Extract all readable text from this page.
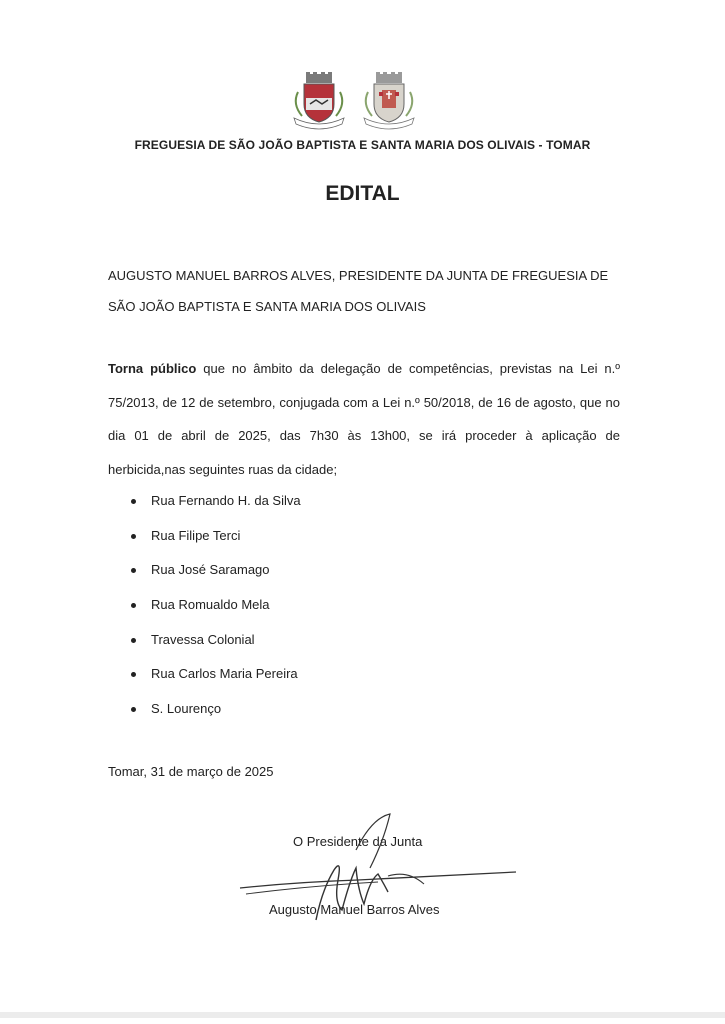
FREGUESIA DE SÃO JOÃO BAPTISTA E SANTA MARIA DOS OLIVAIS - TOMAR
EDITAL
AUGUSTO MANUEL BARROS ALVES, PRESIDENTE DA JUNTA DE FREGUESIA DE
SÃO JOÃO BAPTISTA E SANTA MARIA DOS OLIVAIS
Torna público que no âmbito da delegação de competências, previstas na Lei n.º 75/2013, de 12 de setembro, conjugada com a Lei n.º 50/2018, de 16 de agosto, que no dia 01 de abril de 2025, das 7h30 às 13h00, se irá proceder à aplicação de herbicida,nas seguintes ruas da cidade;
Rua Fernando H. da Silva
Rua Filipe Terci
Rua José Saramago
Rua Romualdo Mela
Travessa Colonial
Rua Carlos Maria Pereira
S. Lourenço
Tomar, 31 de março de 2025
O Presidente da Junta
Augusto Manuel Barros Alves
